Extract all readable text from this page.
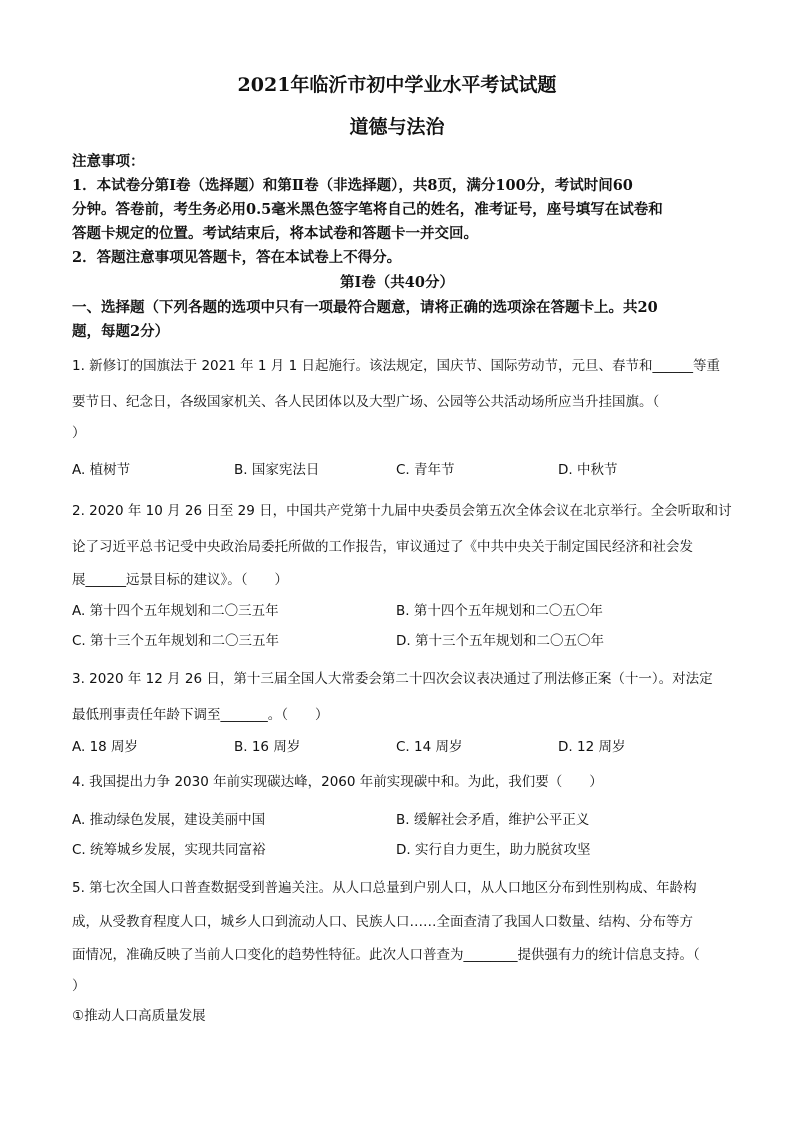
2021年临沂市初中学业水平考试试题
道德与法治
注意事项：
1．本试卷分第Ⅰ卷（选择题）和第Ⅱ卷（非选择题），共8页，满分100分，考试时间60
分钟。答卷前，考生务必用0.5毫米黑色签字笔将自己的姓名，准考证号，座号填写在试卷和
答题卡规定的位置。考试结束后，将本试卷和答题卡一并交回。
2．答题注意事项见答题卡，答在本试卷上不得分。
第Ⅰ卷（共40分）
一、选择题（下列各题的选项中只有一项最符合题意，请将正确的选项涂在答题卡上。共20
题，每题2分）
1. 新修订的国旗法于 2021 年 1 月 1 日起施行。该法规定，国庆节、国际劳动节，元旦、春节和______等重
要节日、纪念日，各级国家机关、各人民团体以及大型广场、公园等公共活动场所应当升挂国旗。（
）
A. 植树节	B. 国家宪法日	C. 青年节	D. 中秋节
2. 2020 年 10 月 26 日至 29 日，中国共产党第十九届中央委员会第五次全体会议在北京举行。全会听取和讨
论了习近平总书记受中央政治局委托所做的工作报告，审议通过了《中共中央关于制定国民经济和社会发
展______远景目标的建议》。（　　）
A. 第十四个五年规划和二〇三五年	B. 第十四个五年规划和二〇五〇年
C. 第十三个五年规划和二〇三五年	D. 第十三个五年规划和二〇五〇年
3. 2020 年 12 月 26 日，第十三届全国人大常委会第二十四次会议表决通过了刑法修正案（十一）。对法定
最低刑事责任年龄下调至_______。（　　）
A. 18 周岁	B. 16 周岁	C. 14 周岁	D. 12 周岁
4. 我国提出力争 2030 年前实现碳达峰，2060 年前实现碳中和。为此，我们要（　　）
A. 推动绿色发展，建设美丽中国	B. 缓解社会矛盾，维护公平正义
C. 统筹城乡发展，实现共同富裕	D. 实行自力更生，助力脱贫攻坚
5. 第七次全国人口普查数据受到普遍关注。从人口总量到户别人口，从人口地区分布到性别构成、年龄构
成，从受教育程度人口，城乡人口到流动人口、民族人口……全面查清了我国人口数量、结构、分布等方
面情况，准确反映了当前人口变化的趋势性特征。此次人口普查为________提供强有力的统计信息支持。（
）
①推动人口高质量发展
